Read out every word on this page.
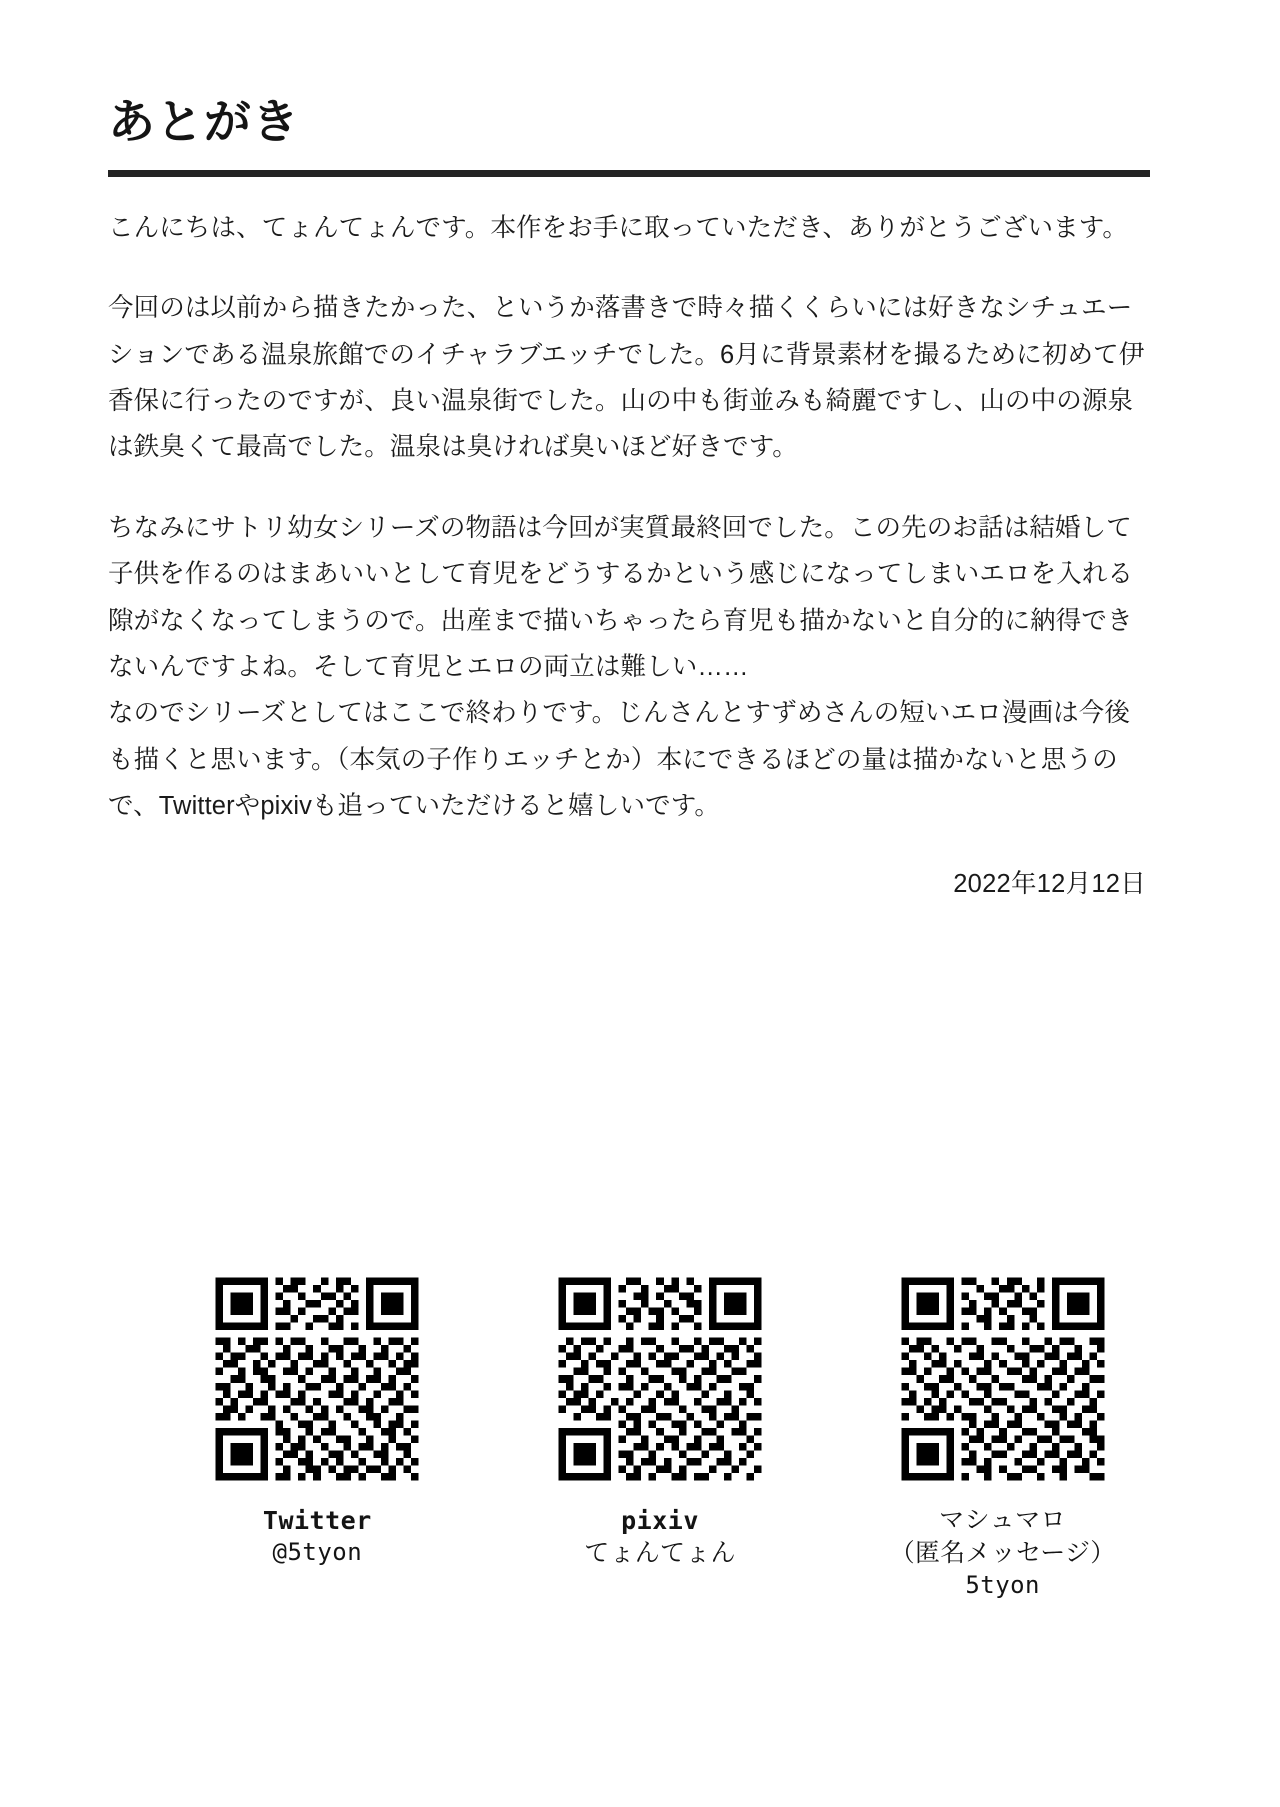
あとがき

こんにちは、てょんてょんです。本作をお手に取っていただき、ありがとうございます。

今回のは以前から描きたかった、というか落書きで時々描くくらいには好きなシチュエーションである温泉旅館でのイチャラブエッチでした。6月に背景素材を撮るために初めて伊香保に行ったのですが、良い温泉街でした。山の中も街並みも綺麗ですし、山の中の源泉は鉄臭くて最高でした。温泉は臭ければ臭いほど好きです。

ちなみにサトリ幼女シリーズの物語は今回が実質最終回でした。この先のお話は結婚して子供を作るのはまあいいとして育児をどうするかという感じになってしまいエロを入れる隙がなくなってしまうので。出産まで描いちゃったら育児も描かないと自分的に納得できないんですよね。そして育児とエロの両立は難しい……

なのでシリーズとしてはここで終わりです。じんさんとすずめさんの短いエロ漫画は今後も描くと思います。（本気の子作りエッチとか）本にできるほどの量は描かないと思うので、Twitterやpixivも追っていただけると嬉しいです。

2022年12月12日
Twitter
@5tyon
pixiv
てょんてょん
マシュマロ
（匿名メッセージ）
5tyon
